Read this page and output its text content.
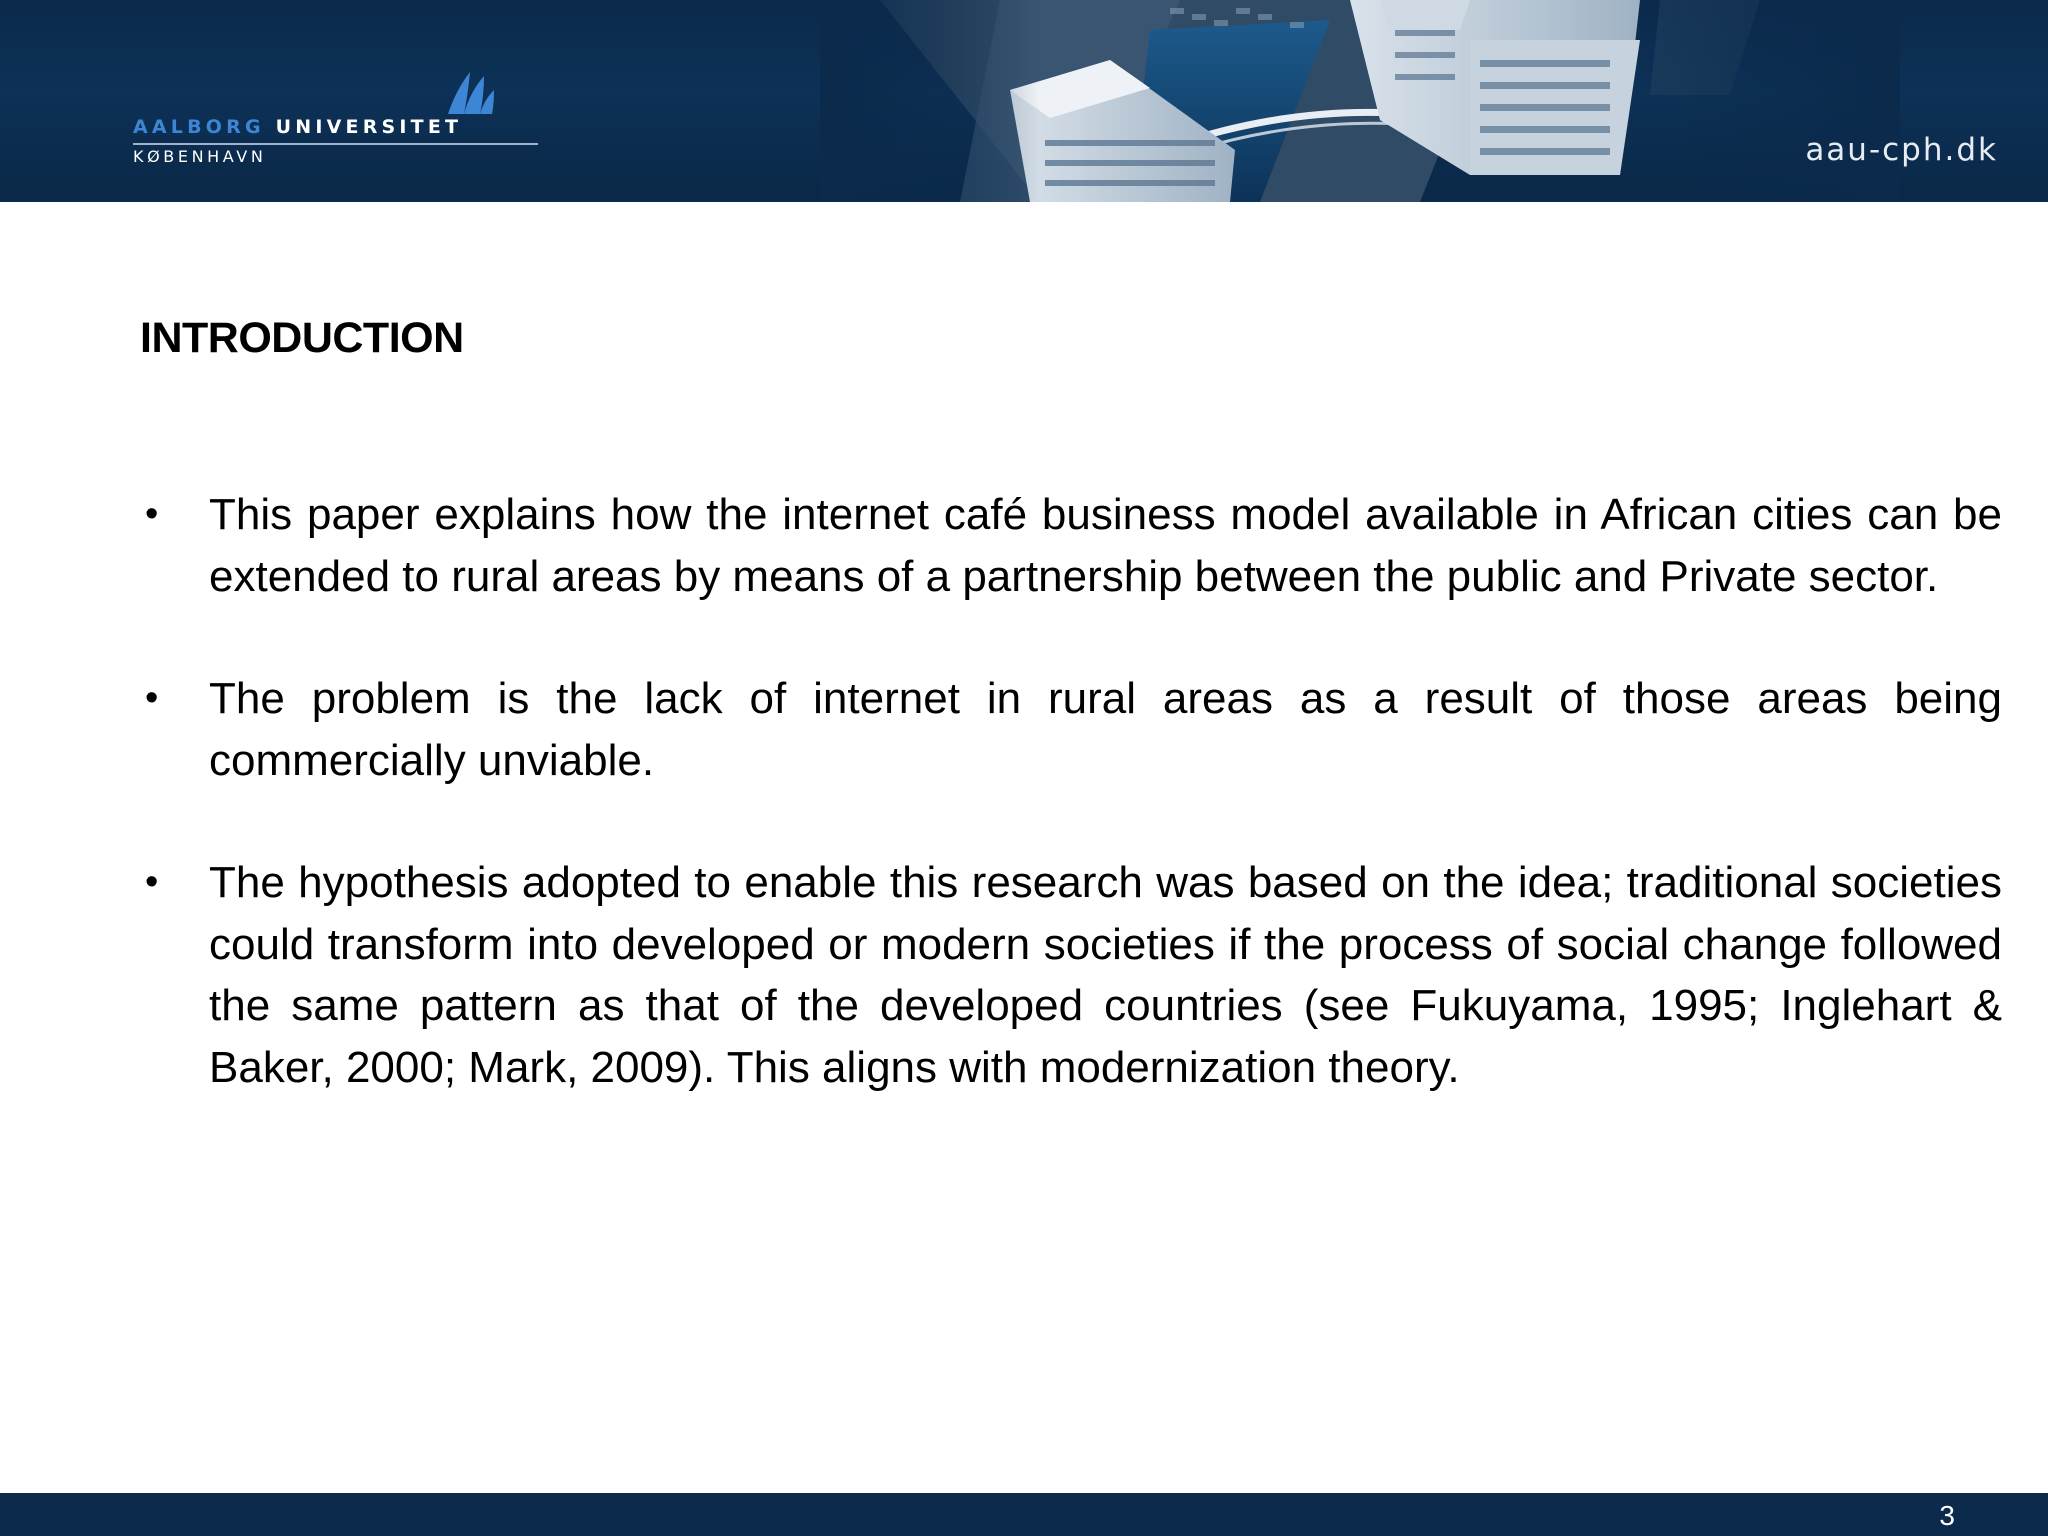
AALBORG UNIVERSITET
KØBENHAVN	aau-cph.dk
INTRODUCTION
• This paper explains how the internet café business model available in African cities can be extended to rural areas by means of a partnership between the public and Private sector.
• The problem is the lack of internet in rural areas as a result of those areas being commercially unviable.
• The hypothesis adopted to enable this research was based on the idea; traditional societies could transform into developed or modern societies if the process of social change followed the same pattern as that of the developed countries (see Fukuyama, 1995; Inglehart & Baker, 2000; Mark, 2009). This aligns with modernization theory.
3
